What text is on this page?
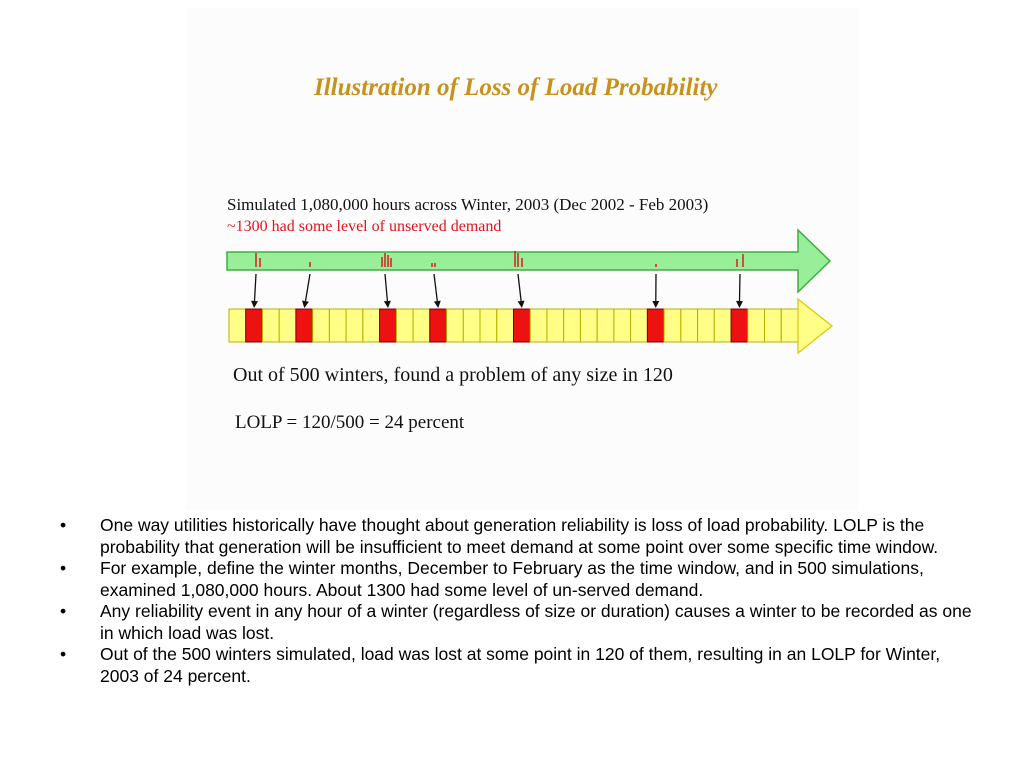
Illustration of Loss of Load Probability
Simulated 1,080,000 hours across Winter, 2003 (Dec 2002 - Feb 2003)
~1300 had some level of unserved demand
Out of 500 winters, found a problem of any size in 120
LOLP = 120/500 = 24 percent
• One way utilities historically have thought about generation reliability is loss of load probability. LOLP is the probability that generation will be insufficient to meet demand at some point over some specific time window.
• For example, define the winter months, December to February as the time window, and in 500 simulations, examined 1,080,000 hours. About 1300 had some level of un-served demand.
• Any reliability event in any hour of a winter (regardless of size or duration) causes a winter to be recorded as one in which load was lost.
• Out of the 500 winters simulated, load was lost at some point in 120 of them, resulting in an LOLP for Winter, 2003 of 24 percent.
